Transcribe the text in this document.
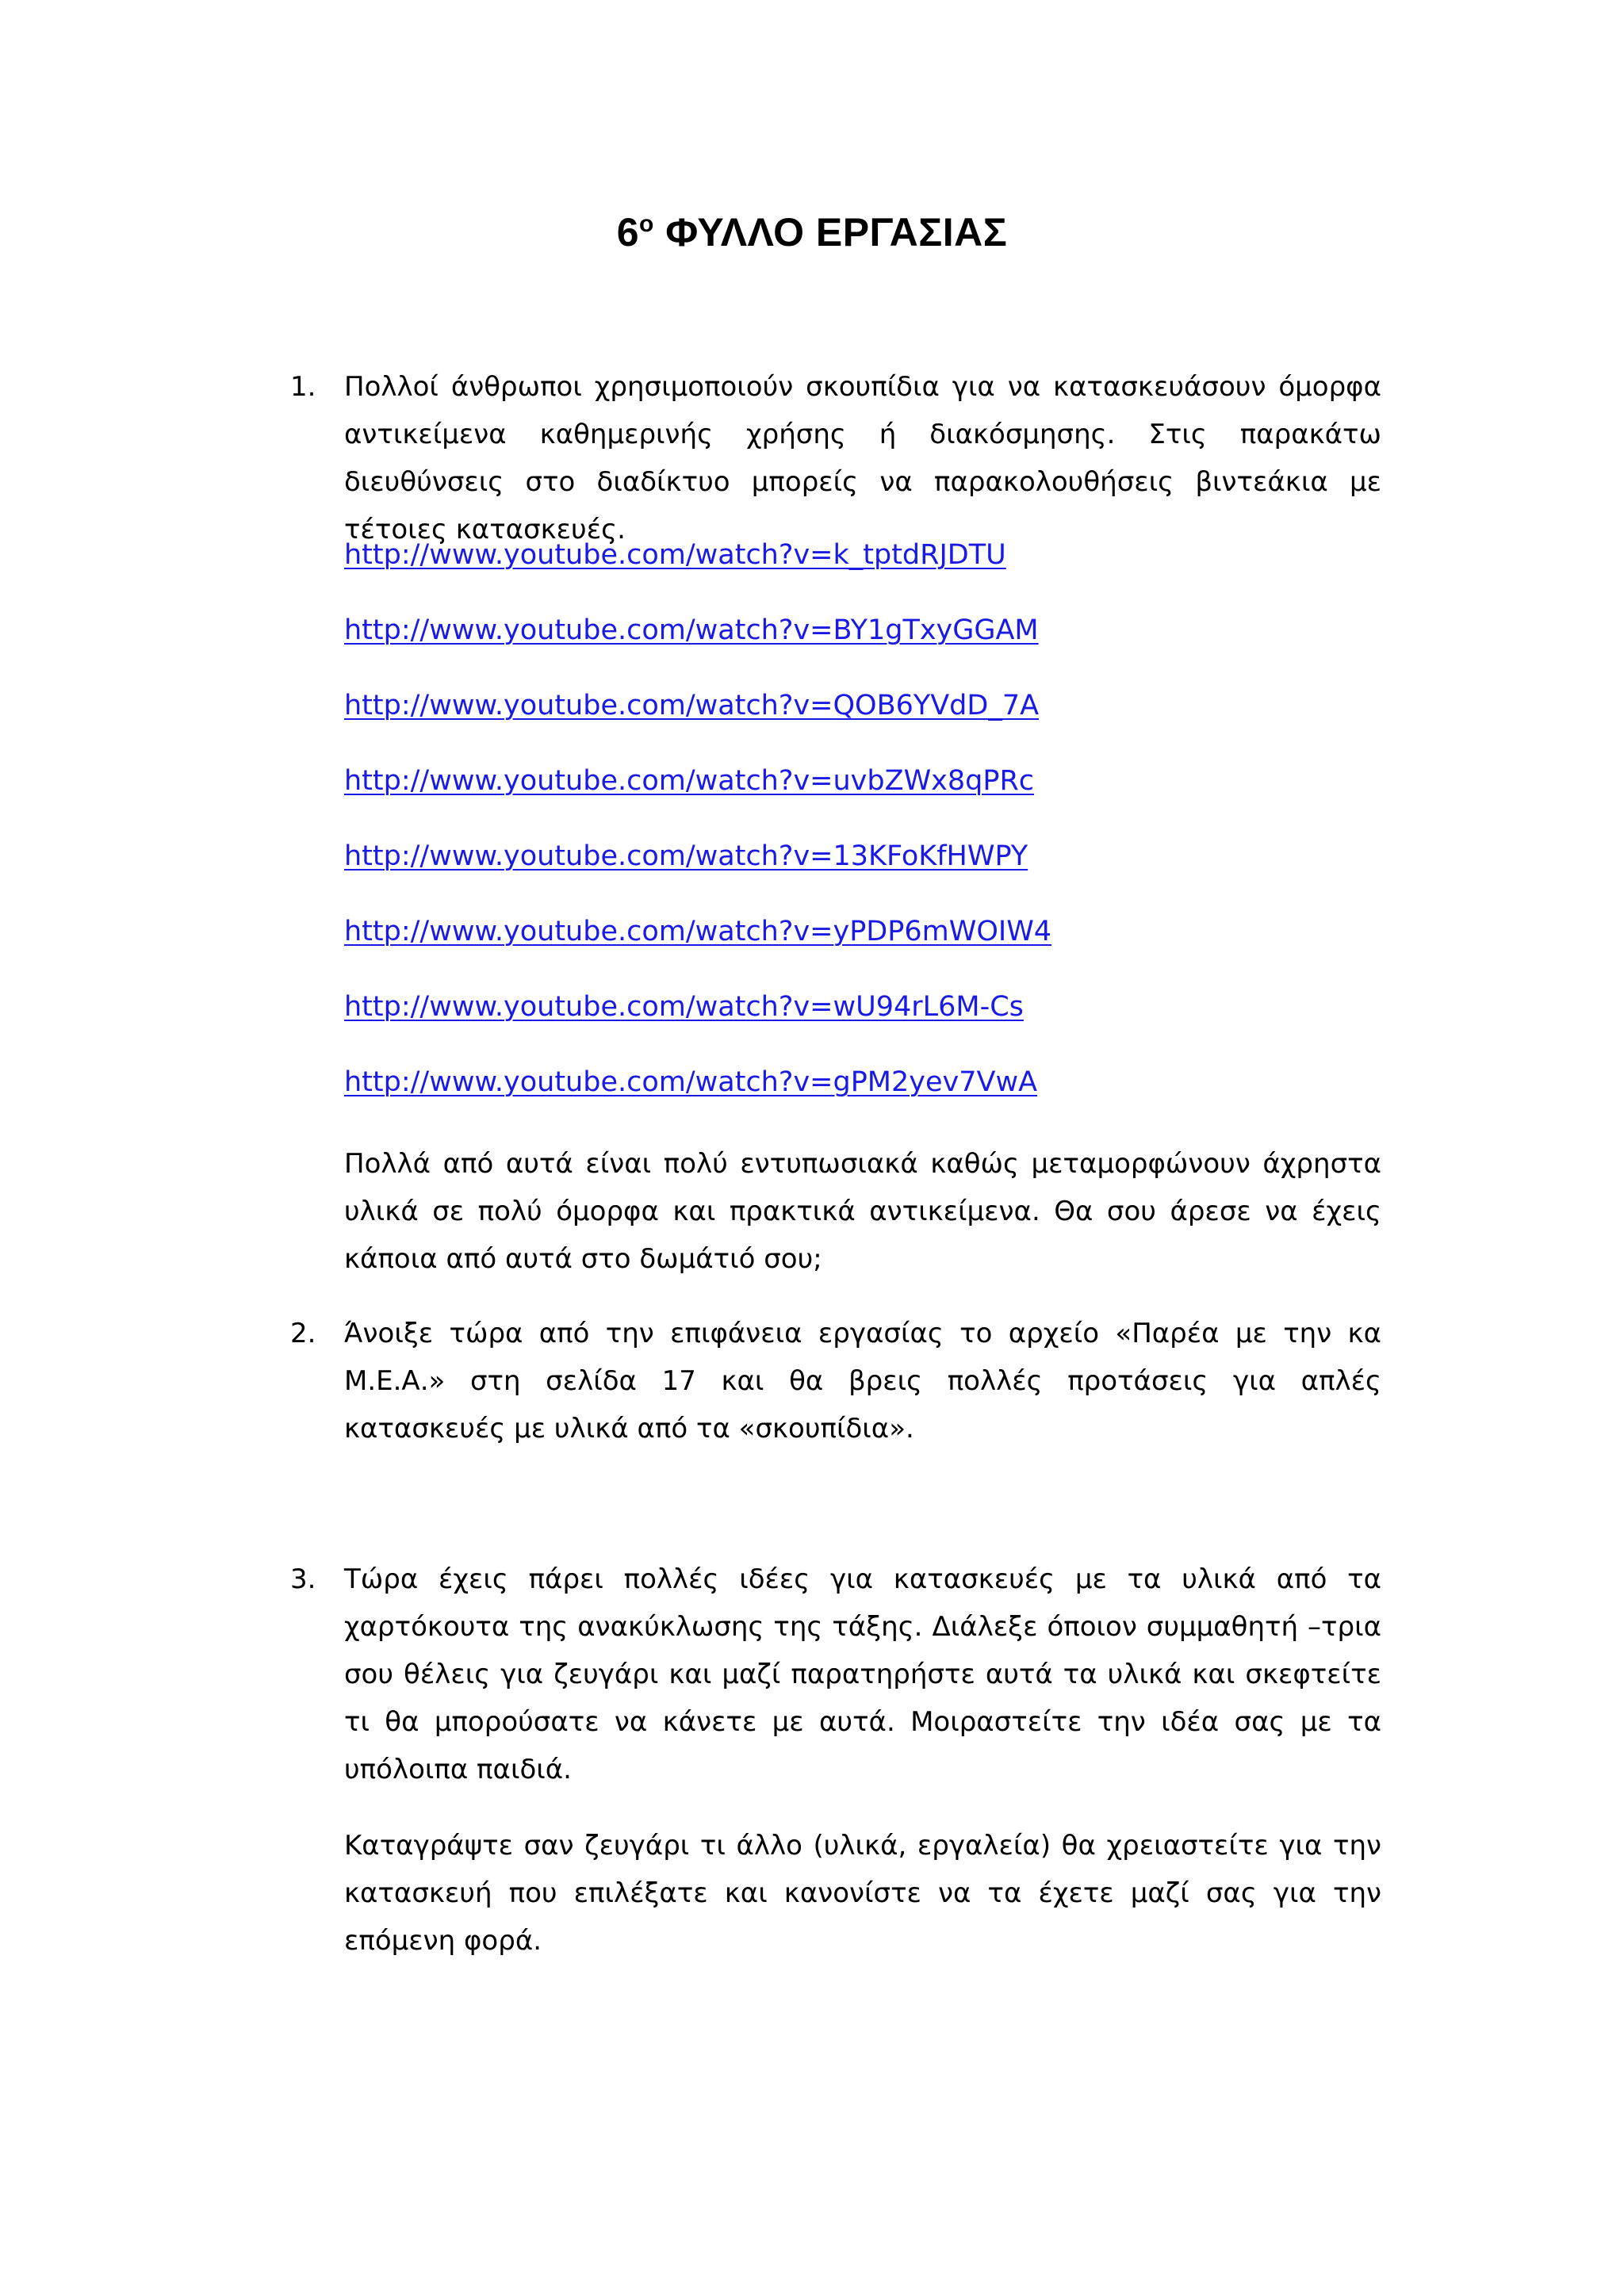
$6^o$ ΦΥΛΛΟ ΕΡΓΑΣΙΑΣ
1. Πολλοί άνθρωποι χρησιμοποιούν σκουπίδια για να κατασκευάσουν όμορφα αντικείμενα καθημερινής χρήσης ή διακόσμησης. Στις παρακάτω διευθύνσεις στο διαδίκτυο μπορείς να παρακολουθήσεις βιντεάκια με τέτοιες κατασκευές.

http://www.youtube.com/watch?v=k_tptdRJDTU
http://www.youtube.com/watch?v=BY1gTxyGGAM
http://www.youtube.com/watch?v=QOB6YVdD_7A
http://www.youtube.com/watch?v=uvbZWx8qPRc
http://www.youtube.com/watch?v=13KFoKfHWPY
http://www.youtube.com/watch?v=yPDP6mWOIW4
http://www.youtube.com/watch?v=wU94rL6M-Cs
http://www.youtube.com/watch?v=gPM2yev7VwA

Πολλά από αυτά είναι πολύ εντυπωσιακά καθώς μεταμορφώνουν άχρηστα υλικά σε πολύ όμορφα και πρακτικά αντικείμενα. Θα σου άρεσε να έχεις κάποια από αυτά στο δωμάτιό σου;

2. Άνοιξε τώρα από την επιφάνεια εργασίας το αρχείο «Παρέα με την κα Μ.Ε.Α.» στη σελίδα 17 και θα βρεις πολλές προτάσεις για απλές κατασκευές με υλικά από τα «σκουπίδια».

3. Τώρα έχεις πάρει πολλές ιδέες για κατασκευές με τα υλικά από τα χαρτόκουτα της ανακύκλωσης της τάξης. Διάλεξε όποιον συμμαθητή –τρια σου θέλεις για ζευγάρι και μαζί παρατηρήστε αυτά τα υλικά και σκεφτείτε τι θα μπορούσατε να κάνετε με αυτά. Μοιραστείτε την ιδέα σας με τα υπόλοιπα παιδιά.

Καταγράψτε σαν ζευγάρι τι άλλο (υλικά, εργαλεία) θα χρειαστείτε για την κατασκευή που επιλέξατε και κανονίστε να τα έχετε μαζί σας για την επόμενη φορά.
